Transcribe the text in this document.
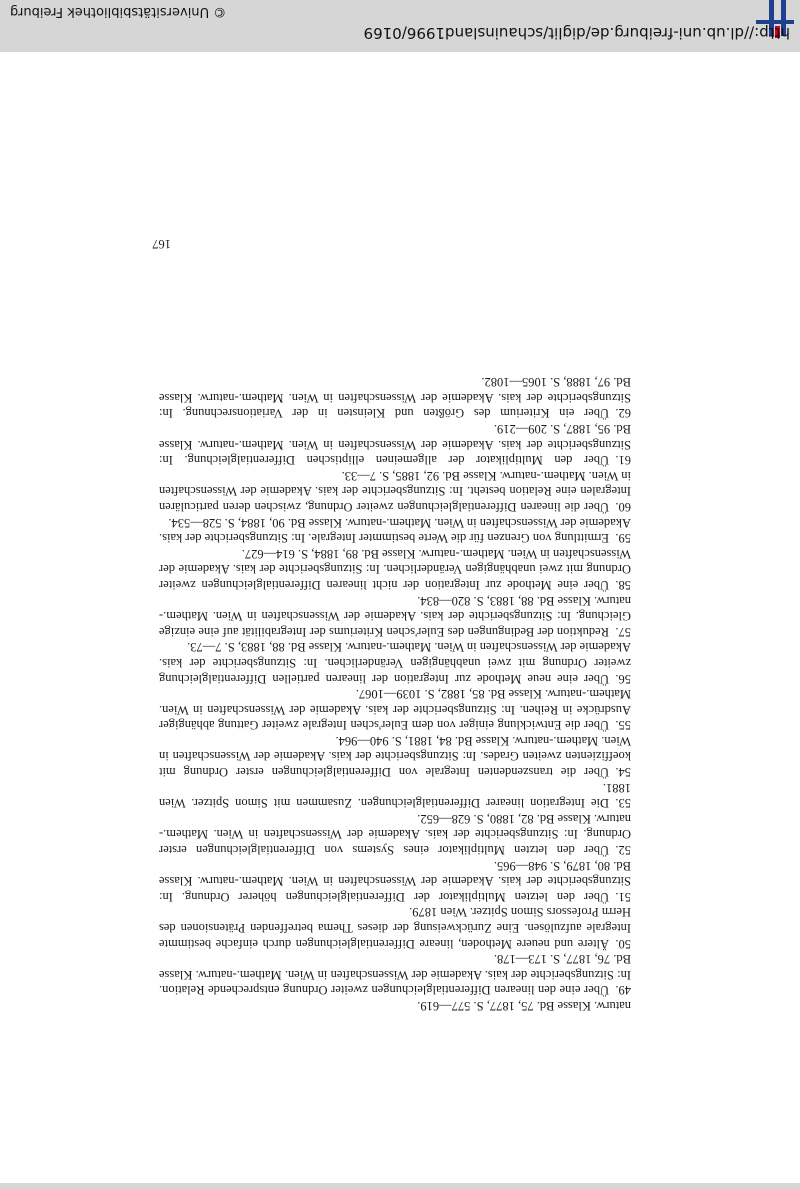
naturw. Klasse Bd. 75, 1877, S. 577—619.
49.Über eine den linearen Differentialgleichungen zweiter Ordnung entsprechende Relation. In: Sitzungsberichte der kais. Akademie der Wissenschaften in Wien. Mathem.-naturw. Klasse Bd. 76, 1877, S. 173—178.
50.Ältere und neuere Methoden, lineare Differentialgleichungen durch einfache bestimmte Integrale aufzulösen. Eine Zurückweisung der dieses Thema betreffenden Prätensionen des Herrn Professors Simon Spitzer. Wien 1879.
51.Über den letzten Multiplikator der Differentialgleichungen höherer Ordnung. In: Sitzungsberichte der kais. Akademie der Wissenschaften in Wien. Mathem.-naturw. Klasse Bd. 80, 1879, S. 948—965.
52.Über den letzten Multiplikator eines Systems von Differentialgleichungen erster Ordnung. In: Sitzungsberichte der kais. Akademie der Wissenschaften in Wien. Mathem.-naturw. Klasse Bd. 82, 1880, S. 628—652.
53.Die Integration linearer Differentialgleichungen. Zusammen mit Simon Spitzer. Wien 1881.
54.Über die transzendenten Integrale von Differentialgleichungen erster Ordnung mit koeffizienten zweiten Grades. In: Sitzungsberichte der kais. Akademie der Wissenschaften in Wien. Mathem.-naturw. Klasse Bd. 84, 1881, S. 940—964.
55.Über die Entwicklung einiger von dem Euler'schen Integrale zweiter Gattung abhängiger Ausdrücke in Reihen. In: Sitzungsberichte der kais. Akademie der Wissenschaften in Wien. Mathem.-naturw. Klasse Bd. 85, 1882, S. 1039—1067.
56.Über eine neue Methode zur Integration der linearen partiellen Differentialgleichung zweiter Ordnung mit zwei unabhängigen Veränderlichen. In: Sitzungsberichte der kais. Akademie der Wissenschaften in Wien. Mathem.-naturw. Klasse Bd. 88, 1883, S. 7—73.
57.Reduktion der Bedingungen des Euler'schen Kriteriums der Integrabilität auf eine einzige Gleichung. In: Sitzungsberichte der kais. Akademie der Wissenschaften in Wien. Mathem.-naturw. Klasse Bd. 88, 1883, S. 820—834.
58.Über eine Methode zur Integration der nicht linearen Differentialgleichungen zweiter Ordnung mit zwei unabhängigen Veränderlichen. In: Sitzungsberichte der kais. Akademie der Wissenschaften in Wien. Mathem.-naturw. Klasse Bd. 89, 1884, S. 614—627.
59.Ermittlung von Grenzen für die Werte bestimmter Integrale. In: Sitzungsberichte der kais. Akademie der Wissenschaften in Wien. Mathem.-naturw. Klasse Bd. 90, 1884, S. 528—534.
60.Über die linearen Differentialgleichungen zweiter Ordnung, zwischen deren particulären Integralen eine Relation besteht. In: Sitzungsberichte der kais. Akademie der Wissenschaften in Wien. Mathem.-naturw. Klasse Bd. 92, 1885, S. 7—33.
61.Über den Multiplikator der allgemeinen elliptischen Differentialgleichung. In: Sitzungsberichte der kais. Akademie der Wissenschaften in Wien. Mathem.-naturw. Klasse Bd. 95, 1887, S. 209—219.
62.Über ein Kriterium des Größten und Kleinsten in der Variationsrechnung. In: Sitzungsberichte der kais. Akademie der Wissenschaften in Wien. Mathem.-naturw. Klasse Bd. 97, 1888, S. 1065—1082.
167
http://dl.ub.uni-freiburg.de/diglit/schauinsland1996/0169
© Universitätsbibliothek Freiburg
